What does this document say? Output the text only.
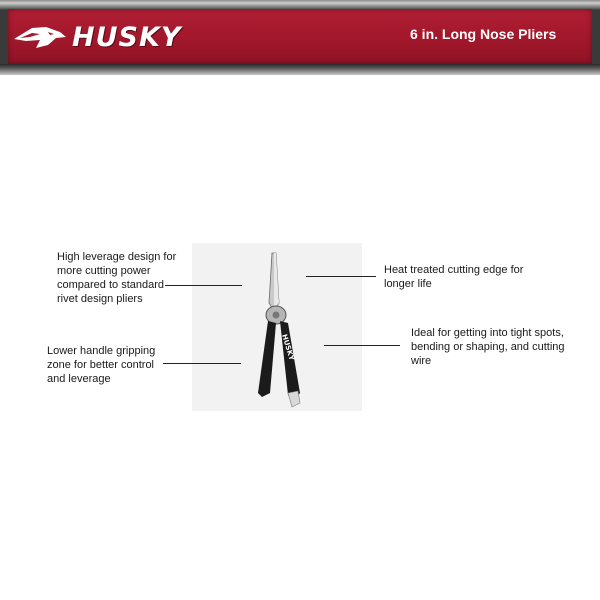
HUSKY	6 in. Long Nose Pliers
HUSKY
High leverage design for more cutting power compared to standard rivet design pliers
Heat treated cutting edge for longer life
Lower handle gripping zone for better control and leverage
Ideal for getting into tight spots, bending or shaping, and cutting wire
